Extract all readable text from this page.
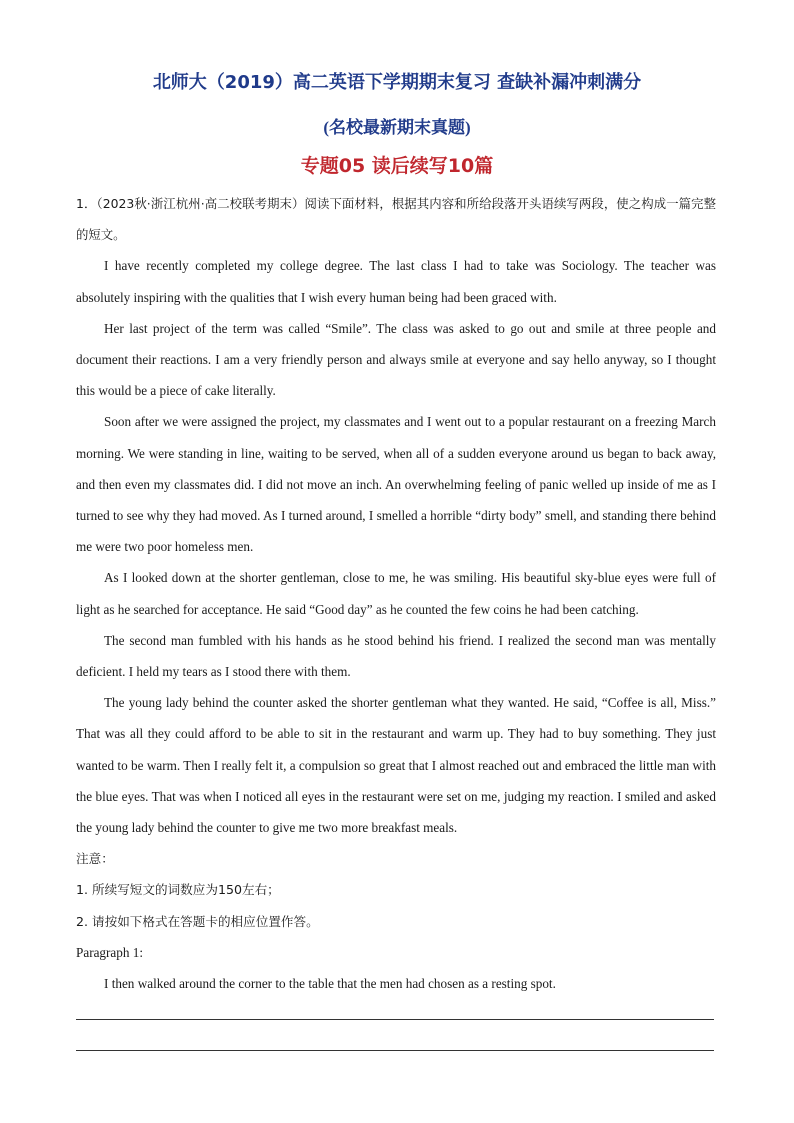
北师大（2019）高二英语下学期期末复习 查缺补漏冲刺满分
(名校最新期末真题)
专题05 读后续写10篇

1．（2023秋·浙江杭州·高二校联考期末）阅读下面材料，根据其内容和所给段落开头语续写两段，使之构成一篇完整的短文。

I have recently completed my college degree. The last class I had to take was Sociology. The teacher was absolutely inspiring with the qualities that I wish every human being had been graced with.

Her last project of the term was called “Smile”. The class was asked to go out and smile at three people and document their reactions. I am a very friendly person and always smile at everyone and say hello anyway, so I thought this would be a piece of cake literally.

Soon after we were assigned the project, my classmates and I went out to a popular restaurant on a freezing March morning. We were standing in line, waiting to be served, when all of a sudden everyone around us began to back away, and then even my classmates did. I did not move an inch. An overwhelming feeling of panic welled up inside of me as I turned to see why they had moved. As I turned around, I smelled a horrible “dirty body” smell, and standing there behind me were two poor homeless men.

As I looked down at the shorter gentleman, close to me, he was smiling. His beautiful sky-blue eyes were full of light as he searched for acceptance. He said “Good day” as he counted the few coins he had been catching.

The second man fumbled with his hands as he stood behind his friend. I realized the second man was mentally deficient. I held my tears as I stood there with them.

The young lady behind the counter asked the shorter gentleman what they wanted. He said, “Coffee is all, Miss.” That was all they could afford to be able to sit in the restaurant and warm up. They had to buy something. They just wanted to be warm. Then I really felt it, a compulsion so great that I almost reached out and embraced the little man with the blue eyes. That was when I noticed all eyes in the restaurant were set on me, judging my reaction. I smiled and asked the young lady behind the counter to give me two more breakfast meals.

注意：

1. 所续写短文的词数应为150左右；

2. 请按如下格式在答题卡的相应位置作答。

Paragraph 1:

I then walked around the corner to the table that the men had chosen as a resting spot.
